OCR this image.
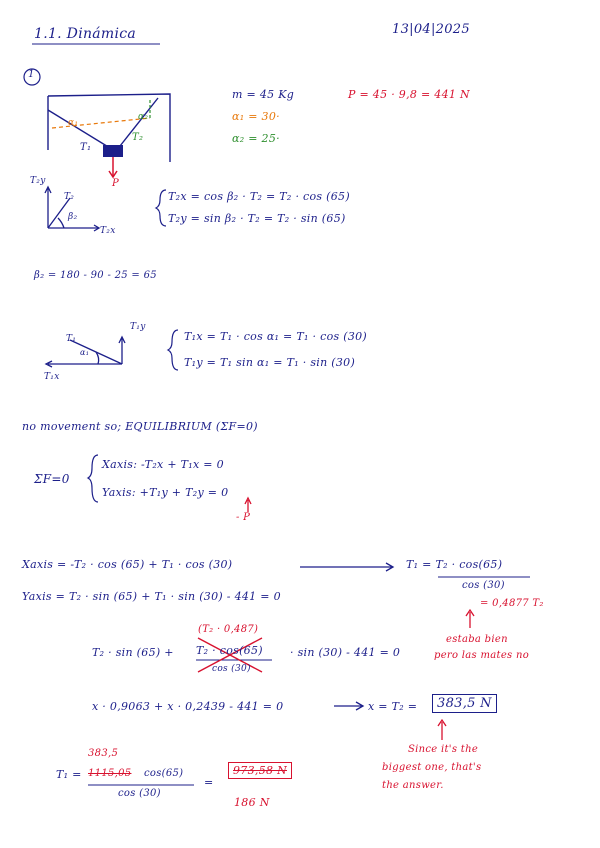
1.1. Dinámica	13|04|2025
1
m = 45 Kg
α₁ = 30·
α₂ = 25·
P = 45 · 9,8 = 441 N
α₁
α₂
T₁
T₂
P
T₂y
T₂
β₂
T₂x
T₂x = cos β₂ · T₂ = T₂ · cos (65)
T₂y = sin β₂ · T₂ = T₂ · sin (65)
β₂ = 180 - 90 - 25 = 65
T₁
T₁y
α₁
T₁x
T₁x = T₁ · cos α₁ = T₁ · cos (30)
T₁y = T₁ sin α₁ = T₁ · sin (30)
no movement so; EQUILIBRIUM (ΣF=0)
ΣF=0
Xaxis: -T₂x + T₁x = 0
Yaxis: +T₁y + T₂y = 0
- P
Xaxis = -T₂ · cos (65) + T₁ · cos (30)	T₁ = T₂ · cos(65)
cos (30)
= 0,4877 T₂
Yaxis = T₂ · sin (65) + T₁ · sin (30) - 441 = 0
(T₂ · 0,487)
T₂ · sin (65) + T₂ · cos(65)
cos (30)
· sin (30) - 441 = 0
estaba bien
pero las mates no
x · 0,9063 + x · 0,2439 - 441 = 0	x = T₂ =	383,5 N
Since it's the
biggest one, that's
the answer.
383,5
T₁ = 1115,05 cos(65)
cos (30)
=
973,58 N
186 N
